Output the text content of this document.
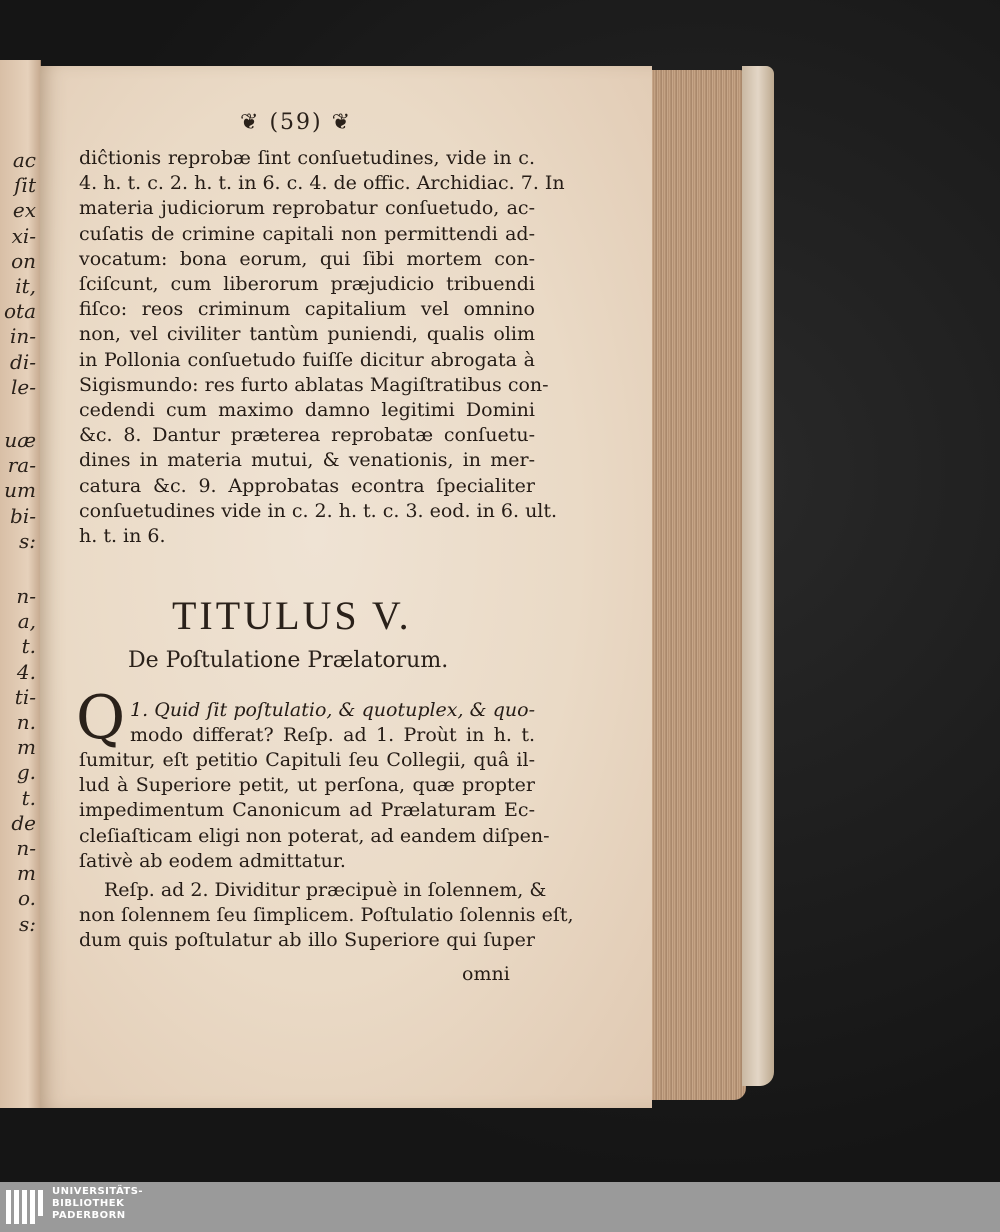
ac
ſit
ex
xi-
on
it,
ota
in-
di-
le-
uæ
ra-
um
bi-
s:
n-
a,
t.
4.
ti-
n.
m
g.
t.
de
n-
m
o.
s:
❦ (59) ❦
diĉtionis reprobæ ſint conſuetudines, vide in c.
4. h. t. c. 2. h. t. in 6. c. 4. de offic. Archidiac. 7. In
materia judiciorum reprobatur conſuetudo, ac-
cuſatis de crimine capitali non permittendi ad-
vocatum: bona eorum, qui ſibi mortem con-
ſciſcunt, cum liberorum præjudicio tribuendi
fiſco: reos criminum capitalium vel omnino
non, vel civiliter tantùm puniendi, qualis olim
in Pollonia conſuetudo fuiſſe dicitur abrogata à
Sigismundo: res furto ablatas Magiſtratibus con-
cedendi cum maximo damno legitimi Domini
&c. 8. Dantur præterea reprobatæ conſuetu-
dines in materia mutui, & venationis, in mer-
catura &c. 9. Approbatas econtra ſpecialiter
conſuetudines vide in c. 2. h. t. c. 3. eod. in 6. ult.
h. t. in 6.
TITULUS V.
De Poſtulatione Prælatorum.
Q 1. Quid ſit poſtulatio, & quotuplex, & quo-
modo differat? Reſp. ad 1. Proùt in h. t.
ſumitur, eſt petitio Capituli ſeu Collegii, quâ il-
lud à Superiore petit, ut perſona, quæ propter
impedimentum Canonicum ad Prælaturam Ec-
cleſiaſticam eligi non poterat, ad eandem diſpen-
ſativè ab eodem admittatur.
Reſp. ad 2. Dividitur præcipuè in ſolennem, &
non ſolennem ſeu ſimplicem. Poſtulatio ſolennis eſt,
dum quis poſtulatur ab illo Superiore qui ſuper
omni
UNIVERSITÄTS-
BIBLIOTHEK
PADERBORN
